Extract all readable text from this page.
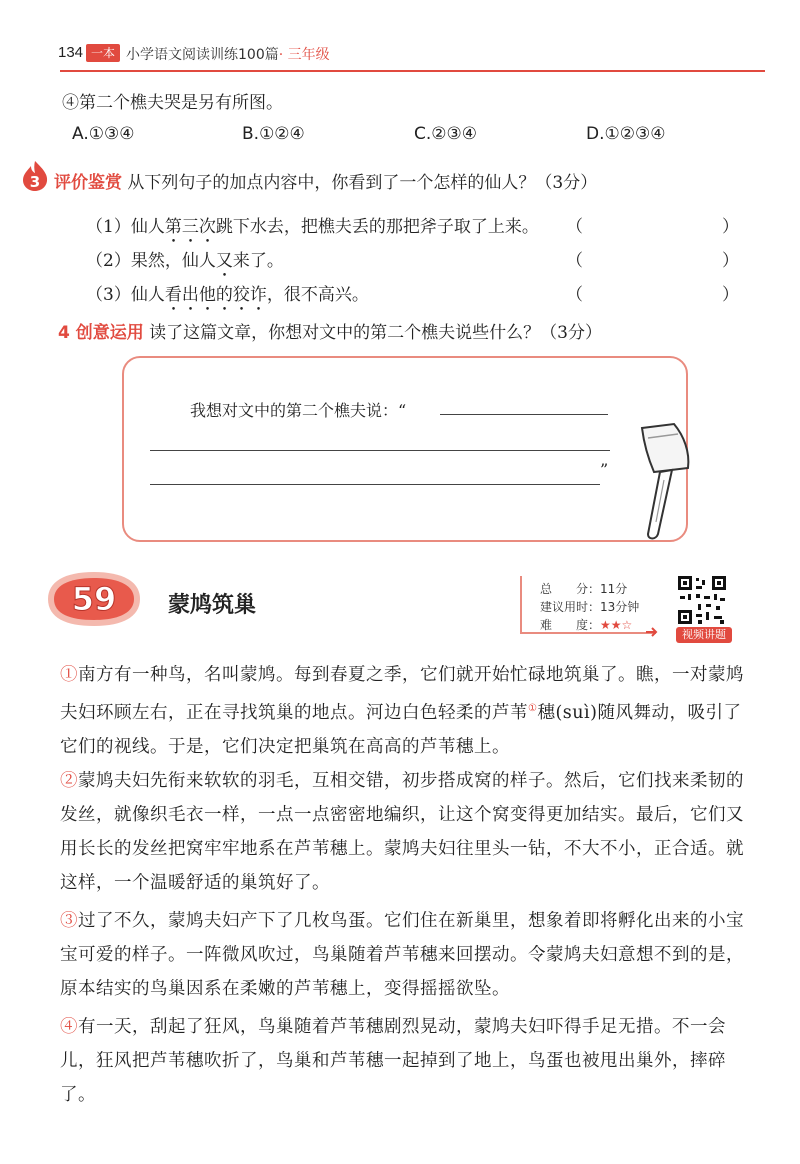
134 一本 小学语文阅读训练100篇· 三年级
④第二个樵夫哭是另有所图。
A.①③④	B.①②④	C.②③④	D.①②③④
3 评价鉴赏 从下列句子的加点内容中，你看到了一个怎样的仙人？（3分）
（1）仙人第三次跳下水去，把樵夫丢的那把斧子取了上来。 （	）
（2）果然，仙人又来了。	（	）
（3）仙人看出他的狡诈，很不高兴。	（	）
4 创意运用 读了这篇文章，你想对文中的第二个樵夫说些什么？（3分）
我想对文中的第二个樵夫说：“
”
59 蒙鸠筑巢
总　　分：11分
建议用时：13分钟
难　　度：★★☆
视频讲题
①南方有一种鸟，名叫蒙鸠。每到春夏之季，它们就开始忙碌地筑巢了。瞧，一对蒙鸠夫妇环顾左右，正在寻找筑巢的地点。河边白色轻柔的芦苇①穗(suì)随风舞动，吸引了它们的视线。于是，它们决定把巢筑在高高的芦苇穗上。
②蒙鸠夫妇先衔来软软的羽毛，互相交错，初步搭成窝的样子。然后，它们找来柔韧的发丝，就像织毛衣一样，一点一点密密地编织，让这个窝变得更加结实。最后，它们又用长长的发丝把窝牢牢地系在芦苇穗上。蒙鸠夫妇往里头一钻，不大不小，正合适。就这样，一个温暖舒适的巢筑好了。
③过了不久，蒙鸠夫妇产下了几枚鸟蛋。它们住在新巢里，想象着即将孵化出来的小宝宝可爱的样子。一阵微风吹过，鸟巢随着芦苇穗来回摆动。令蒙鸠夫妇意想不到的是，原本结实的鸟巢因系在柔嫩的芦苇穗上，变得摇摇欲坠。
④有一天，刮起了狂风，鸟巢随着芦苇穗剧烈晃动，蒙鸠夫妇吓得手足无措。不一会儿，狂风把芦苇穗吹折了，鸟巢和芦苇穗一起掉到了地上，鸟蛋也被甩出巢外，摔碎了。
